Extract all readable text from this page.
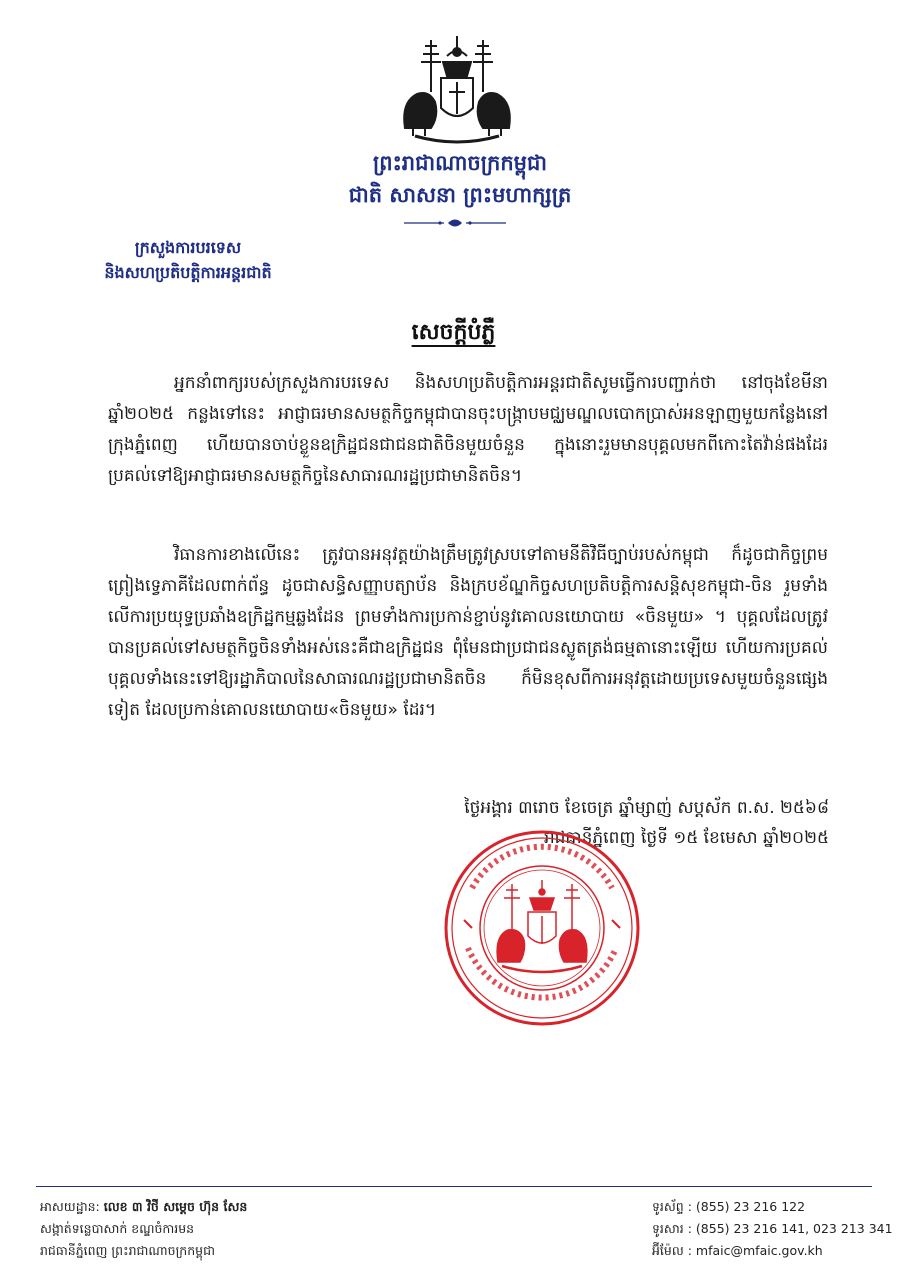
ព្រះរាជាណាចក្រកម្ពុជា
ជាតិ សាសនា ព្រះមហាក្សត្រ
ក្រសួងការបរទេស
និងសហប្រតិបត្តិការអន្តរជាតិ
សេចក្តីបំភ្លឺ

អ្នកនាំពាក្យរបស់ក្រសួងការបរទេស និងសហប្រតិបត្តិការអន្តរជាតិសូមធ្វើការបញ្ជាក់ថា នៅចុងខែមីនា ឆ្នាំ២០២៥ កន្លងទៅនេះ អាជ្ញាធរមានសមត្ថកិច្ចកម្ពុជាបានចុះបង្ក្រាបមជ្ឈមណ្ឌលបោកប្រាស់អនឡាញមួយកន្លែងនៅក្រុងភ្នំពេញ ហើយបានចាប់ខ្លួនឧក្រិដ្ឋជនជាជនជាតិចិនមួយចំនួន ក្នុងនោះរួមមានបុគ្គលមកពីកោះតៃវ៉ាន់ផងដែរ ប្រគល់ទៅឱ្យអាជ្ញាធរមានសមត្ថកិច្ចនៃសាធារណរដ្ឋប្រជាមានិតចិន។

វិធានការខាងលើនេះ ត្រូវបានអនុវត្តយ៉ាងត្រឹមត្រូវស្របទៅតាមនីតិវិធីច្បាប់របស់កម្ពុជា ក៏ដូចជាកិច្ចព្រមព្រៀងទ្វេភាគីដែលពាក់ព័ន្ធ ដូចជាសន្ធិសញ្ញាបត្យាប័ន និងក្របខ័ណ្ឌកិច្ចសហប្រតិបត្តិការសន្តិសុខកម្ពុជា-ចិន រួមទាំងលើការប្រយុទ្ធប្រឆាំងឧក្រិដ្ឋកម្មឆ្លងដែន ព្រមទាំងការប្រកាន់ខ្ជាប់នូវគោលនយោបាយ «ចិនមួយ» ។ បុគ្គលដែលត្រូវបានប្រគល់ទៅសមត្ថកិច្ចចិនទាំងអស់នេះគឺជាឧក្រិដ្ឋជន ពុំមែនជាប្រជាជនស្លូតត្រង់ធម្មតានោះឡើយ ហើយការប្រគល់បុគ្គលទាំងនេះទៅឱ្យរដ្ឋាភិបាលនៃសាធារណរដ្ឋប្រជាមានិតចិន ក៏មិនខុសពីការអនុវត្តដោយប្រទេសមួយចំនួនផ្សេងទៀត ដែលប្រកាន់គោលនយោបាយ«ចិនមួយ» ដែរ។

ថ្ងៃអង្គារ ៣រោច ខែចេត្រ ឆ្នាំម្សាញ់ សប្តស័ក ព.ស. ២៥៦៨
រាជធានីភ្នំពេញ ថ្ងៃទី ១៥ ខែមេសា ឆ្នាំ២០២៥
អាសយដ្ឋាន: លេខ ៣ វិថី សម្តេច ហ៊ុន សែន
សង្កាត់ទន្លេបាសាក់ ខណ្ឌចំការមន
រាជធានីភ្នំពេញ ព្រះរាជាណាចក្រកម្ពុជា
ទូរស័ព្ទ : (855) 23 216 122
ទូរសារ : (855) 23 216 141, 023 213 341
អ៊ីម៉ែល : mfaic@mfaic.gov.kh
